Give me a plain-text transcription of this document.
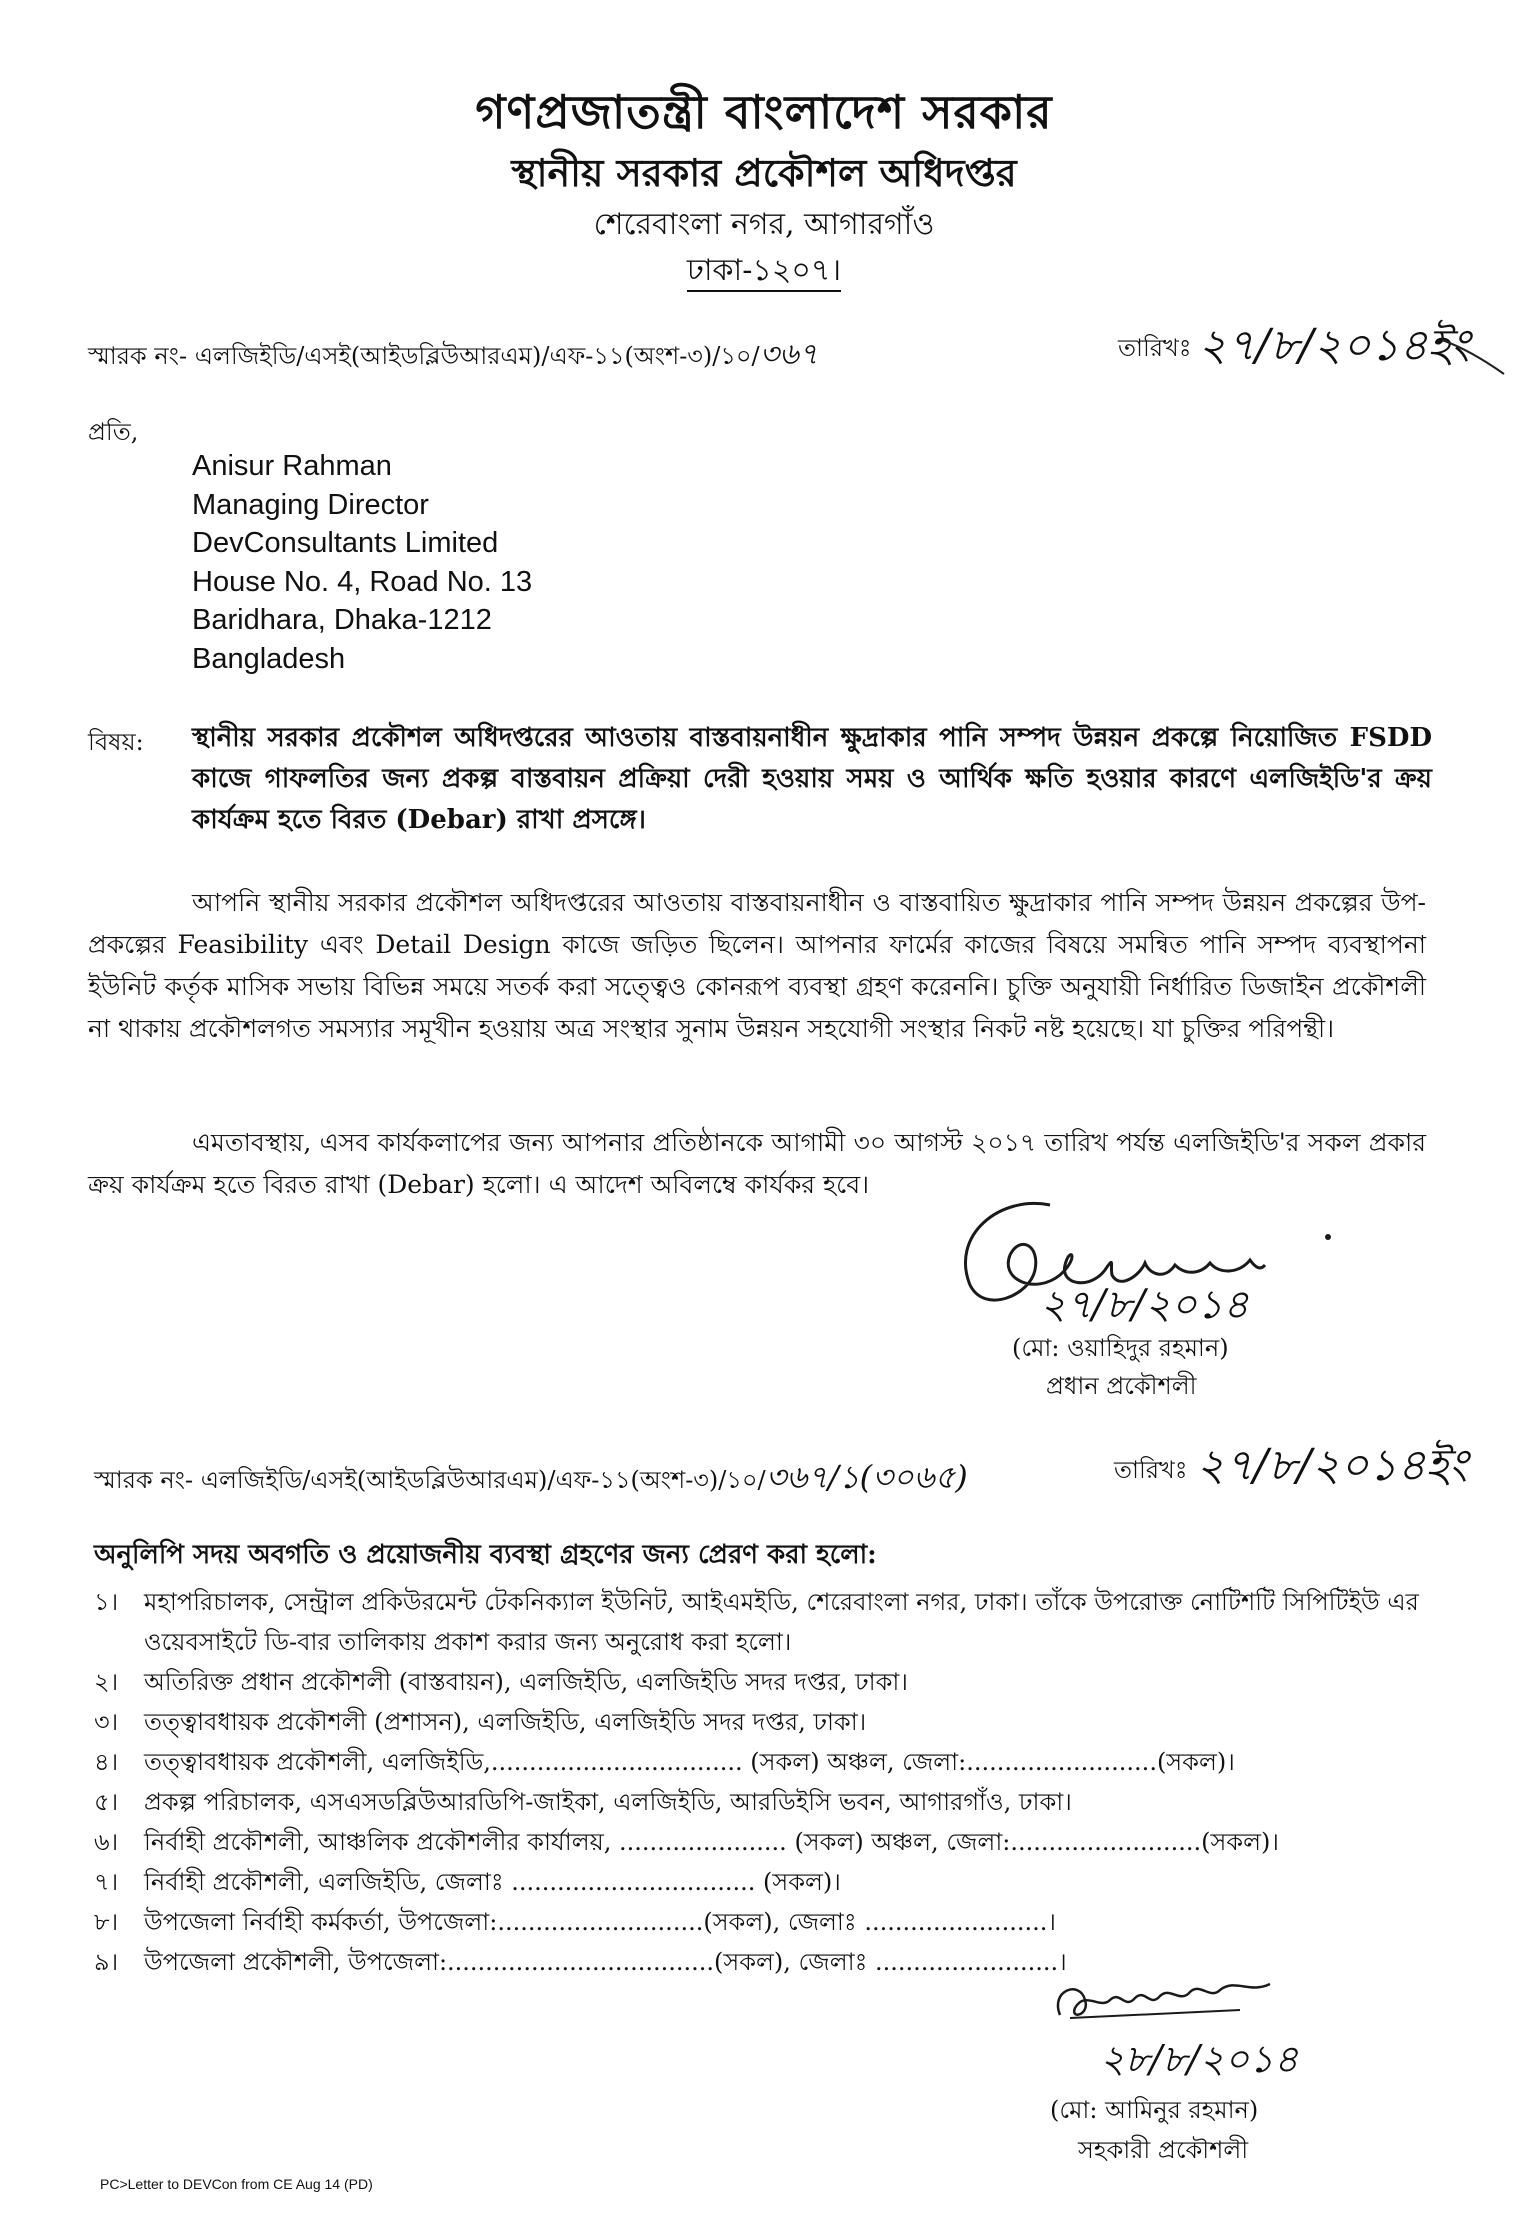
গণপ্রজাতন্ত্রী বাংলাদেশ সরকার
স্থানীয় সরকার প্রকৌশল অধিদপ্তর
শেরেবাংলা নগর, আগারগাঁও
ঢাকা-১২০৭।
স্মারক নং- এলজিইডি/এসই(আইডব্লিউআরএম)/এফ-১১(অংশ-৩)/১০/৩৬৭	তারিখঃ ২৭/৮/২০১৪ইং
প্রতি,
Anisur Rahman
Managing Director
DevConsultants Limited
House No. 4, Road No. 13
Baridhara, Dhaka-1212
Bangladesh
বিষয়: স্থানীয় সরকার প্রকৌশল অধিদপ্তরের আওতায় বাস্তবায়নাধীন ক্ষুদ্রাকার পানি সম্পদ উন্নয়ন প্রকল্পে নিয়োজিত FSDD কাজে গাফলতির জন্য প্রকল্প বাস্তবায়ন প্রক্রিয়া দেরী হওয়ায় সময় ও আর্থিক ক্ষতি হওয়ার কারণে এলজিইডি'র ক্রয় কার্যক্রম হতে বিরত (Debar) রাখা প্রসঙ্গে।
আপনি স্থানীয় সরকার প্রকৌশল অধিদপ্তরের আওতায় বাস্তবায়নাধীন ও বাস্তবায়িত ক্ষুদ্রাকার পানি সম্পদ উন্নয়ন প্রকল্পের উপ-প্রকল্পের Feasibility এবং Detail Design কাজে জড়িত ছিলেন। আপনার ফার্মের কাজের বিষয়ে সমন্বিত পানি সম্পদ ব্যবস্থাপনা ইউনিট কর্তৃক মাসিক সভায় বিভিন্ন সময়ে সতর্ক করা সত্ত্বেও কোনরূপ ব্যবস্থা গ্রহণ করেননি। চুক্তি অনুযায়ী নির্ধারিত ডিজাইন প্রকৌশলী না থাকায় প্রকৌশলগত সমস্যার সমূখীন হওয়ায় অত্র সংস্থার সুনাম উন্নয়ন সহযোগী সংস্থার নিকট নষ্ট হয়েছে। যা চুক্তির পরিপন্থী।
এমতাবস্থায়, এসব কার্যকলাপের জন্য আপনার প্রতিষ্ঠানকে আগামী ৩০ আগস্ট ২০১৭ তারিখ পর্যন্ত এলজিইডি'র সকল প্রকার ক্রয় কার্যক্রম হতে বিরত রাখা (Debar) হলো। এ আদেশ অবিলম্বে কার্যকর হবে।
২৭/৮/২০১৪
(মো: ওয়াহিদুর রহমান)
প্রধান প্রকৌশলী
স্মারক নং- এলজিইডি/এসই(আইডব্লিউআরএম)/এফ-১১(অংশ-৩)/১০/৩৬৭/১(৩০৬৫)	তারিখঃ ২৭/৮/২০১৪ইং
অনুলিপি সদয় অবগতি ও প্রয়োজনীয় ব্যবস্থা গ্রহণের জন্য প্রেরণ করা হলো:
১। মহাপরিচালক, সেন্ট্রাল প্রকিউরমেন্ট টেকনিক্যাল ইউনিট, আইএমইডি, শেরেবাংলা নগর, ঢাকা। তাঁকে উপরোক্ত নোটিশটি সিপিটিইউ এর ওয়েবসাইটে ডি-বার তালিকায় প্রকাশ করার জন্য অনুরোধ করা হলো।
২। অতিরিক্ত প্রধান প্রকৌশলী (বাস্তবায়ন), এলজিইডি, এলজিইডি সদর দপ্তর, ঢাকা।
৩। তত্ত্বাবধায়ক প্রকৌশলী (প্রশাসন), এলজিইডি, এলজিইডি সদর দপ্তর, ঢাকা।
৪। তত্ত্বাবধায়ক প্রকৌশলী, এলজিইডি,................................. (সকল) অঞ্চল, জেলা:.........................(সকল)।
৫। প্রকল্প পরিচালক, এসএসডব্লিউআরডিপি-জাইকা, এলজিইডি, আরডিইসি ভবন, আগারগাঁও, ঢাকা।
৬। নির্বাহী প্রকৌশলী, আঞ্চলিক প্রকৌশলীর কার্যালয়, ...................... (সকল) অঞ্চল, জেলা:.........................(সকল)।
৭। নির্বাহী প্রকৌশলী, এলজিইডি, জেলাঃ ................................ (সকল)।
৮। উপজেলা নির্বাহী কর্মকর্তা, উপজেলা:...........................(সকল), জেলাঃ ........................।
৯। উপজেলা প্রকৌশলী, উপজেলা:...................................(সকল), জেলাঃ ........................।
২৮/৮/২০১৪
(মো: আমিনুর রহমান)
সহকারী প্রকৌশলী
PC>Letter to DEVCon from CE Aug 14 (PD)
